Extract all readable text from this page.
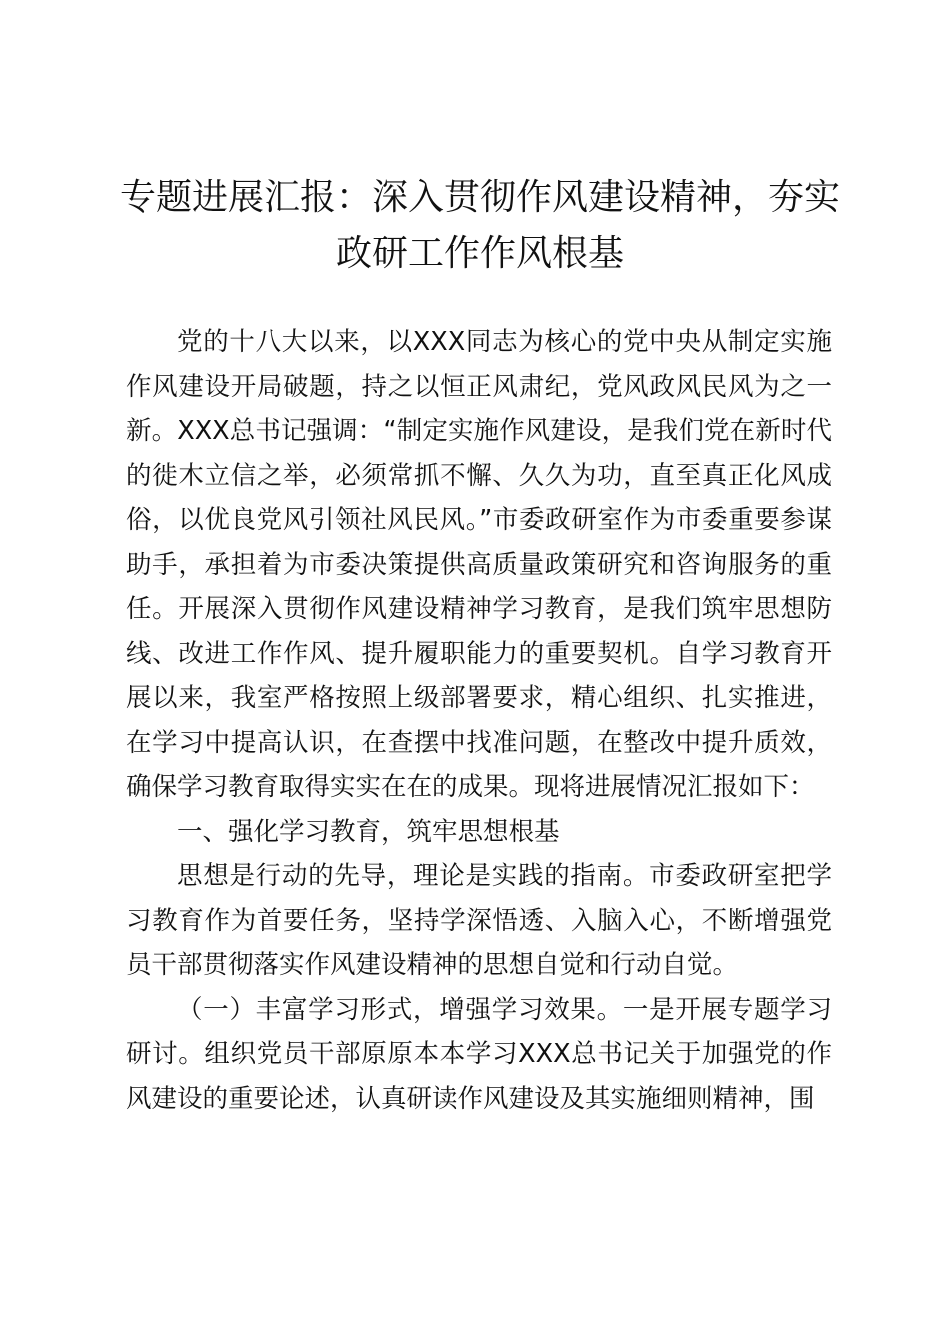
专题进展汇报：深入贯彻作风建设精神，夯实政研工作作风根基

党的十八大以来，以XXX同志为核心的党中央从制定实施作风建设开局破题，持之以恒正风肃纪，党风政风民风为之一新。XXX总书记强调：“制定实施作风建设，是我们党在新时代的徙木立信之举，必须常抓不懈、久久为功，直至真正化风成俗，以优良党风引领社风民风。”市委政研室作为市委重要参谋助手，承担着为市委决策提供高质量政策研究和咨询服务的重任。开展深入贯彻作风建设精神学习教育，是我们筑牢思想防线、改进工作作风、提升履职能力的重要契机。自学习教育开展以来，我室严格按照上级部署要求，精心组织、扎实推进，在学习中提高认识，在查摆中找准问题，在整改中提升质效，确保学习教育取得实实在在的成果。现将进展情况汇报如下：

一、强化学习教育，筑牢思想根基

思想是行动的先导，理论是实践的指南。市委政研室把学习教育作为首要任务，坚持学深悟透、入脑入心，不断增强党员干部贯彻落实作风建设精神的思想自觉和行动自觉。

（一）丰富学习形式，增强学习效果。一是开展专题学习研讨。组织党员干部原原本本学习XXX总书记关于加强党的作风建设的重要论述，认真研读作风建设及其实施细则精神，围
